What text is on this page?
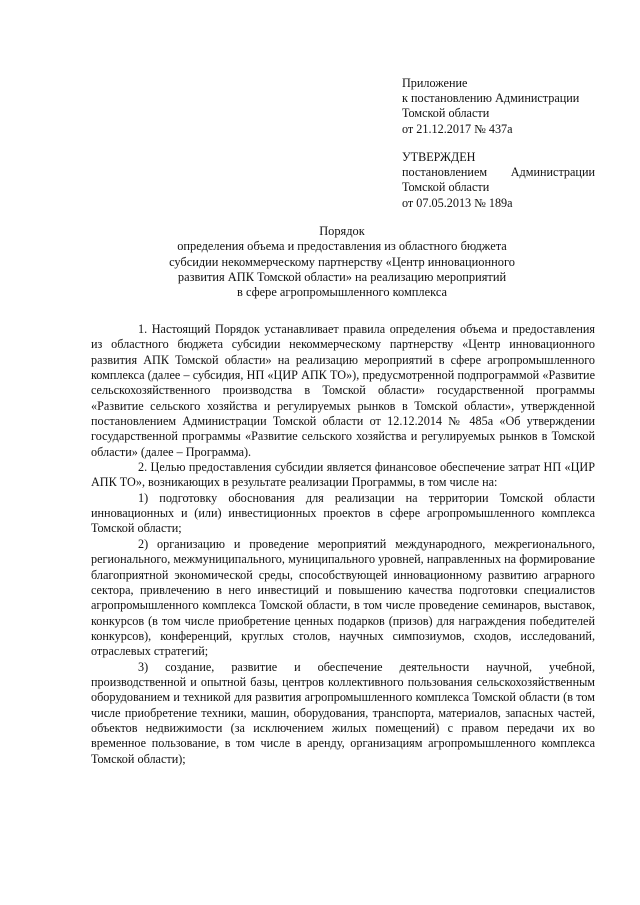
Приложение
к постановлению Администрации
Томской области
от 21.12.2017 № 437а
УТВЕРЖДЕН
постановлением Администрации
Томской области
от 07.05.2013 № 189а
Порядок
определения объема и предоставления из областного бюджета
субсидии некоммерческому партнерству «Центр инновационного
развития АПК Томской области» на реализацию мероприятий
в сфере агропромышленного комплекса

1. Настоящий Порядок устанавливает правила определения объема и предоставления из областного бюджета субсидии некоммерческому партнерству «Центр инновационного развития АПК Томской области» на реализацию мероприятий в сфере агропромышленного комплекса (далее – субсидия, НП «ЦИР АПК ТО»), предусмотренной подпрограммой «Развитие сельскохозяйственного производства в Томской области» государственной программы «Развитие сельского хозяйства и регулируемых рынков в Томской области», утвержденной постановлением Администрации Томской области от 12.12.2014 № 485а «Об утверждении государственной программы «Развитие сельского хозяйства и регулируемых рынков в Томской области» (далее – Программа).

2. Целью предоставления субсидии является финансовое обеспечение затрат НП «ЦИР АПК ТО», возникающих в результате реализации Программы, в том числе на:

1) подготовку обоснования для реализации на территории Томской области инновационных и (или) инвестиционных проектов в сфере агропромышленного комплекса Томской области;

2) организацию и проведение мероприятий международного, межрегионального, регионального, межмуниципального, муниципального уровней, направленных на формирование благоприятной экономической среды, способствующей инновационному развитию аграрного сектора, привлечению в него инвестиций и повышению качества подготовки специалистов агропромышленного комплекса Томской области, в том числе проведение семинаров, выставок, конкурсов (в том числе приобретение ценных подарков (призов) для награждения победителей конкурсов), конференций, круглых столов, научных симпозиумов, сходов, исследований, отраслевых стратегий;

3) создание, развитие и обеспечение деятельности научной, учебной, производственной и опытной базы, центров коллективного пользования сельскохозяйственным оборудованием и техникой для развития агропромышленного комплекса Томской области (в том числе приобретение техники, машин, оборудования, транспорта, материалов, запасных частей, объектов недвижимости (за исключением жилых помещений) с правом передачи их во временное пользование, в том числе в аренду, организациям агропромышленного комплекса Томской области);
